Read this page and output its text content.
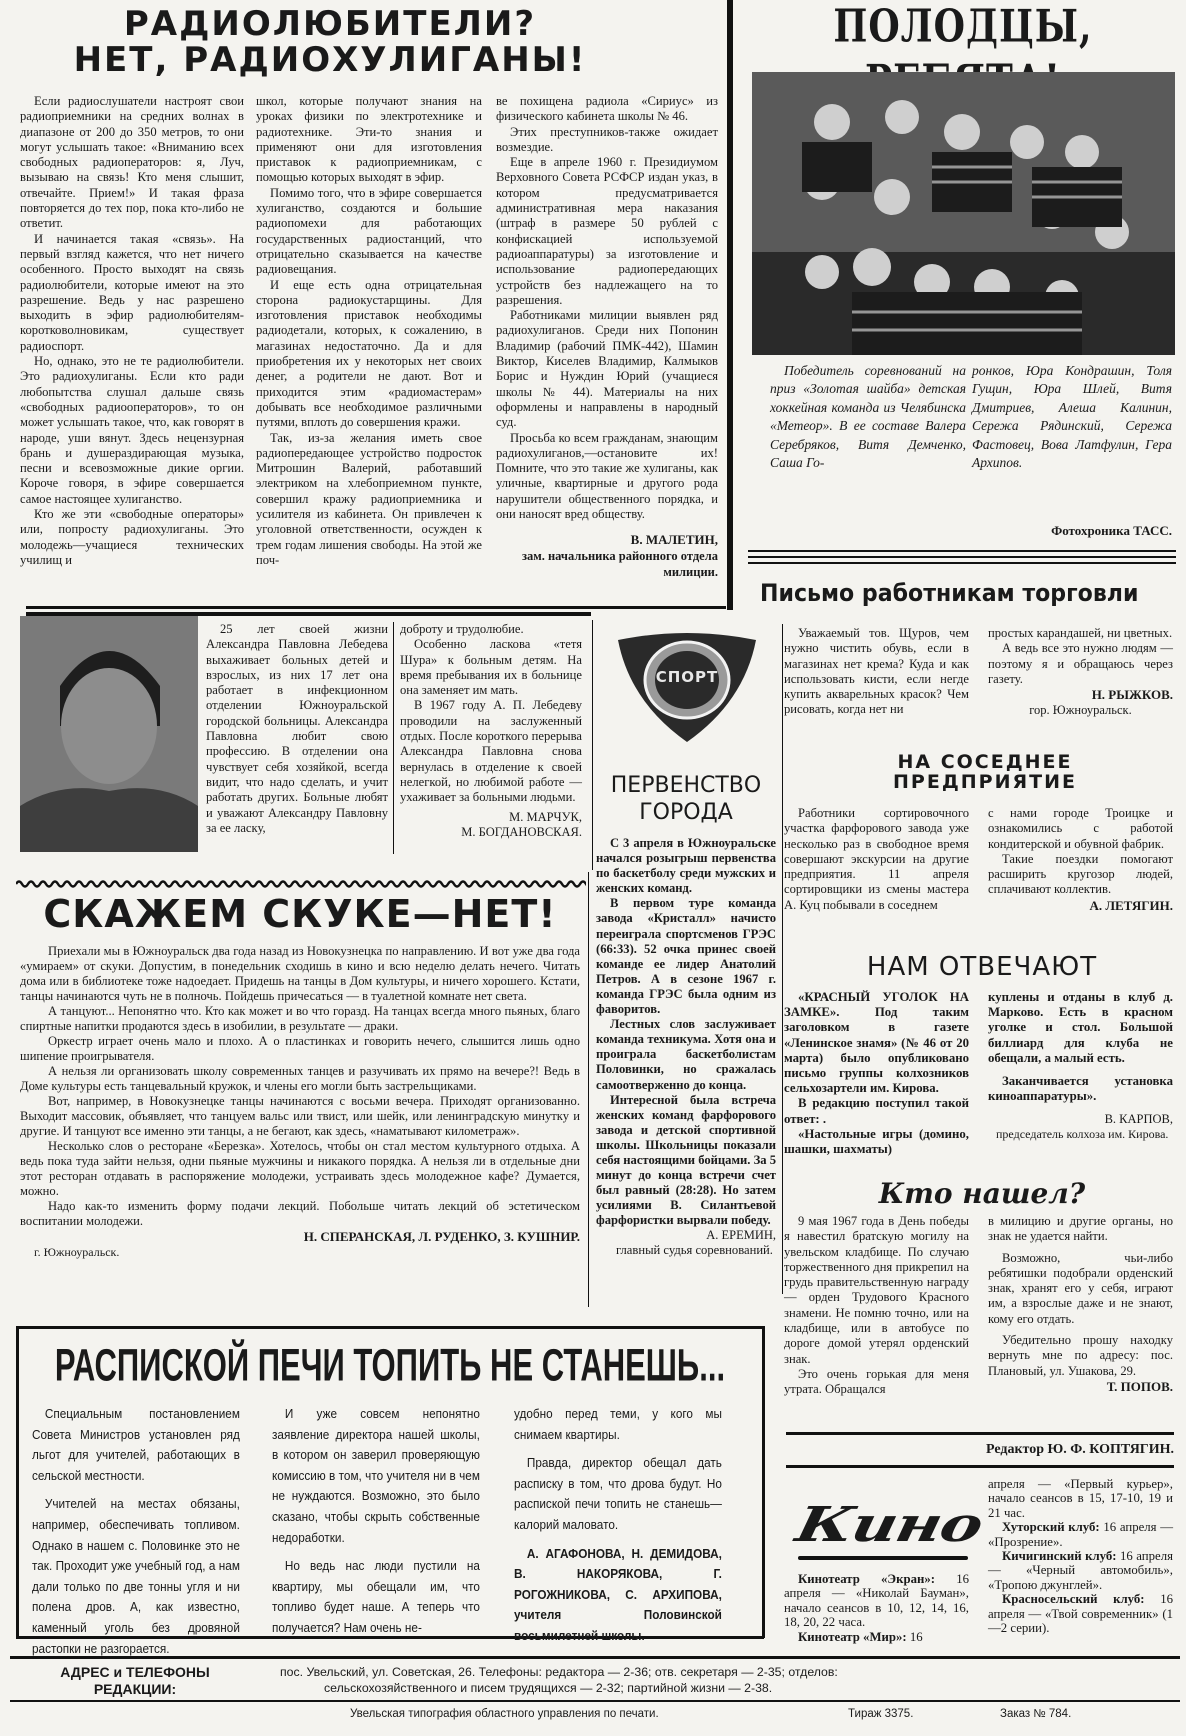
РАДИОЛЮБИТЕЛИ?
НЕТ, РАДИОХУЛИГАНЫ!

Если радиослушатели настроят свои радиоприемники на средних волнах в диапазоне от 200 до 350 метров, то они могут услышать такое: «Вниманию всех свободных радиоператоров: я, Луч, вызываю на связь! Кто меня слышит, отвечайте. Прием!» И такая фраза повторяется до тех пор, пока кто-либо не ответит.

И начинается такая «связь». На первый взгляд кажется, что нет ничего особенного. Просто выходят на связь радиолюбители, которые имеют на это разрешение. Ведь у нас разрешено выходить в эфир радиолюбителям-коротковолновикам, существует радиоспорт.

Но, однако, это не те радиолюбители. Это радиохулиганы. Если кто ради любопытства слушал дальше связь «свободных радиооператоров», то он может услышать такое, что, как говорят в народе, уши вянут. Здесь нецензурная брань и душераздирающая музыка, песни и всевозможные дикие оргии. Короче говоря, в эфире совершается самое настоящее хулиганство.

Кто же эти «свободные операторы» или, попросту радиохулиганы. Это молодежь—учащиеся технических училищ и

школ, которые получают знания на уроках физики по электротехнике и радиотехнике. Эти-то знания и применяют они для изготовления приставок к радиоприемникам, с помощью которых выходят в эфир.

Помимо того, что в эфире совершается хулиганство, создаются и большие радиопомехи для работающих государственных радиостанций, что отрицательно сказывается на качестве радиовещания.

И еще есть одна отрицательная сторона радиокустарщины. Для изготовления приставок необходимы радиодетали, которых, к сожалению, в магазинах недостаточно. Да и для приобретения их у некоторых нет своих денег, а родители не дают. Вот и приходится этим «радиомастерам» добывать все необходимое различными путями, вплоть до совершения кражи.

Так, из-за желания иметь свое радиопередающее устройство подросток Митрошин Валерий, работавший электриком на хлебоприемном пункте, совершил кражу радиоприемника и усилителя из кабинета. Он привлечен к уголовной ответственности, осужден к трем годам лишения свободы. На этой же поч-

ве похищена радиола «Сириус» из физического кабинета школы № 46.

Этих преступников-также ожидает возмездие.

Еще в апреле 1960 г. Президиумом Верховного Совета РСФСР издан указ, в котором предусматривается административная мера наказания (штраф в размере 50 рублей с конфискацией используемой радиоаппаратуры) за изготовление и использование радиопередающих устройств без надлежащего на то разрешения.

Работниками милиции выявлен ряд радиохулиганов. Среди них Попонин Владимир (рабочий ПМК-442), Шамин Виктор, Киселев Владимир, Калмыков Борис и Нуждин Юрий (учащиеся школы № 44). Материалы на них оформлены и направлены в народный суд.

Просьба ко всем гражданам, знающим радиохулиганов,—остановите их! Помните, что это такие же хулиганы, как уличные, квартирные и другого рода нарушители общественного порядка, и они наносят вред обществу.

В. МАЛЕТИН,
зам. начальника районного отдела милиции.
ПОЛОДЦЫ,

Победитель соревнований на приз «Золотая шайба» детская хоккейная команда из Челябинска «Метеор». В ее составе Валера Серебряков, Витя Демченко, Саша Го-

ронков, Юра Кондрашин, Толя Гущин, Юра Шлей, Витя Дмитриев, Алеша Калинин, Сережа Рядинский, Сережа Фастовец, Вова Латфулин, Гера Архипов.

Фотохроника ТАСС.
Письмо работникам торговли

Уважаемый тов. Щуров, чем нужно чистить обувь, если в магазинах нет крема? Куда и как использовать кисти, если негде купить акварельных красок? Чем рисовать, когда нет ни

простых карандашей, ни цветных.

А ведь все это нужно людям — поэтому я и обращаюсь через газету.

Н. РЫЖКОВ.
гор. Южноуральск.

25 лет своей жизни Александра Павловна Лебедева выхаживает больных детей и взрослых, из них 17 лет она работает в инфекционном отделении Южноуральской городской больницы. Александра Павловна любит свою профессию. В отделении она чувствует себя хозяйкой, всегда видит, что надо сделать, и учит работать других. Больные любят и уважают Александру Павловну за ее ласку,

доброту и трудолюбие.

Особенно ласкова «тетя Шура» к больным детям. На время пребывания их в больнице она заменяет им мать.

В 1967 году А. П. Лебедеву проводили на заслуженный отдых. После короткого перерыва Александра Павловна снова вернулась в отделение к своей нелегкой, но любимой работе — ухаживает за больными людьми.

М. МАРЧУК,
М. БОГДАНОВСКАЯ.
СПОРТ
ПЕРВЕНСТВО
ГОРОДА

С 3 апреля в Южноуральске начался розыгрыш первенства по баскетболу среди мужских и женских команд.

В первом туре команда завода «Кристалл» начисто переиграла спортсменов ГРЭС (66:33). 52 очка принес своей команде ее лидер Анатолий Петров. А в сезоне 1967 г. команда ГРЭС была одним из фаворитов.

Лестных слов заслуживает команда техникума. Хотя она и проиграла баскетболистам Половинки, но сражалась самоотверженно до конца.

Интересной была встреча женских команд фарфорового завода и детской спортивной школы. Школьницы показали себя настоящими бойцами. За 5 минут до конца встречи счет был равный (28:28). Но затем усилиями В. Силантьевой фарфористки вырвали победу.

А. ЕРЕМИН,
главный судья соревнований.
НА СОСЕДНЕЕ
ПРЕДПРИЯТИЕ

Работники сортировочного участка фарфорового завода уже несколько раз в свободное время совершают экскурсии на другие предприятия. 11 апреля сортировщики из смены мастера А. Куц побывали в соседнем

с нами городе Троицке и ознакомились с работой кондитерской и обувной фабрик.

Такие поездки помогают расширить кругозор людей, сплачивают коллектив.

А. ЛЕТЯГИН.
СКАЖЕМ СКУКЕ—НЕТ!

Приехали мы в Южноуральск два года назад из Новокузнецка по направлению. И вот уже два года «умираем» от скуки. Допустим, в понедельник сходишь в кино и всю неделю делать нечего. Читать дома или в библиотеке тоже надоедает. Придешь на танцы в Дом культуры, и ничего хорошего. Кстати, танцы начинаются чуть не в полночь. Пойдешь причесаться — в туалетной комнате нет света.

А танцуют... Непонятно что. Кто как может и во что горазд. На танцах всегда много пьяных, благо спиртные напитки продаются здесь в изобилии, в результате — драки.

Оркестр играет очень мало и плохо. А о пластинках и говорить нечего, слышится лишь одно шипение проигрывателя.

А нельзя ли организовать школу современных танцев и разучивать их прямо на вечере?! Ведь в Доме культуры есть танцевальный кружок, и члены его могли быть застрельщиками.

Вот, например, в Новокузнецке танцы начинаются с восьми вечера. Приходят организованно. Выходит массовик, объявляет, что танцуем вальс или твист, или шейк, или ленинградскую минутку и другие. И танцуют все именно эти танцы, а не бегают, как здесь, «наматывают километраж».

Несколько слов о ресторане «Березка». Хотелось, чтобы он стал местом культурного отдыха. А ведь пока туда зайти нельзя, одни пьяные мужчины и никакого порядка. А нельзя ли в отдельные дни этот ресторан отдавать в распоряжение молодежи, устраивать здесь молодежное кафе? Думается, можно.

Надо как-то изменить форму подачи лекций. Побольше читать лекций об эстетическом воспитании молодежи.

Н. СПЕРАНСКАЯ, Л. РУДЕНКО, З. КУШНИР.
г. Южноуральск.
НАМ ОТВЕЧАЮТ

«КРАСНЫЙ УГОЛОК НА ЗАМКЕ». Под таким заголовком в газете «Ленинское знамя» (№ 46 от 20 марта) было опубликовано письмо группы колхозников сельхозартели им. Кирова.

В редакцию поступил такой ответ: .

«Настольные игры (домино, шашки, шахматы)

куплены и отданы в клуб д. Марково. Есть в красном уголке и стол. Большой биллиард для клуба не обещали, а малый есть.

Заканчивается установка киноаппаратуры».

В. КАРПОВ,
председатель колхоза им. Кирова.
Кто нашел?

9 мая 1967 года в День победы я навестил братскую могилу на увельском кладбище. По случаю торжественного дня прикрепил на грудь правительственную награду — орден Трудового Красного знамени. Не помню точно, или на кладбище, или в автобусе по дороге домой утерял орденский знак.

Это очень горькая для меня утрата. Обращался

в милицию и другие органы, но знак не удается найти.

Возможно, чьи-либо ребятишки подобрали орденский знак, хранят его у себя, играют им, а взрослые даже и не знают, кому его отдать.

Убедительно прошу находку вернуть мне по адресу: пос. Плановый, ул. Ушакова, 29.

Т. ПОПОВ.
РАСПИСКОЙ ПЕЧИ ТОПИТЬ НЕ СТАНЕШЬ...

Специальным постановлением Совета Министров установлен ряд льгот для учителей, работающих в сельской местности.

Учителей на местах обязаны, например, обеспечивать топливом. Однако в нашем с. Половинке это не так. Проходит уже учебный год, а нам дали только по две тонны угля и ни полена дров. А, как известно, каменный уголь без дровяной растопки не разгорается.

И уже совсем непонятно заявление директора нашей школы, в котором он заверил проверяющую комиссию в том, что учителя ни в чем не нуждаются. Возможно, это было сказано, чтобы скрыть собственные недоработки.

Но ведь нас люди пустили на квартиру, мы обещали им, что топливо будет наше. А теперь что получается? Нам очень не-

удобно перед теми, у кого мы снимаем квартиры.

Правда, директор обещал дать расписку в том, что дрова будут. Но распиской печи топить не станешь—калорий маловато.

А. АГАФОНОВА, Н. ДЕМИДОВА, В. НАКОРЯКОВА, Г. РОГОЖНИКОВА, С. АРХИПОВА, учителя Половинской восьмилетней школы.

Редактор Ю. Ф. КОПТЯГИН.
Кино

Кинотеатр «Экран»: 16 апреля — «Николай Бауман», начало сеансов в 10, 12, 14, 16, 18, 20, 22 часа.

Кинотеатр «Мир»: 16

апреля — «Первый курьер», начало сеансов в 15, 17-10, 19 и 21 час.

Хуторский клуб: 16 апреля — «Прозрение».

Кичигинский клуб: 16 апреля — «Черный автомобиль», «Тропою джунглей».

Красносельский клуб: 16 апреля — «Твой современник» (1—2 серии).

АДРЕС и ТЕЛЕФОНЫ
РЕДАКЦИИ:
пос. Увельский, ул. Советская, 26. Телефоны: редактора — 2-36; отв. секретаря — 2-35; отделов:
сельскохозяйственного и писем трудящихся — 2-32; партийной жизни — 2-38.
Увельская типография областного управления по печати.	Тираж 3375.	Заказ № 784.
